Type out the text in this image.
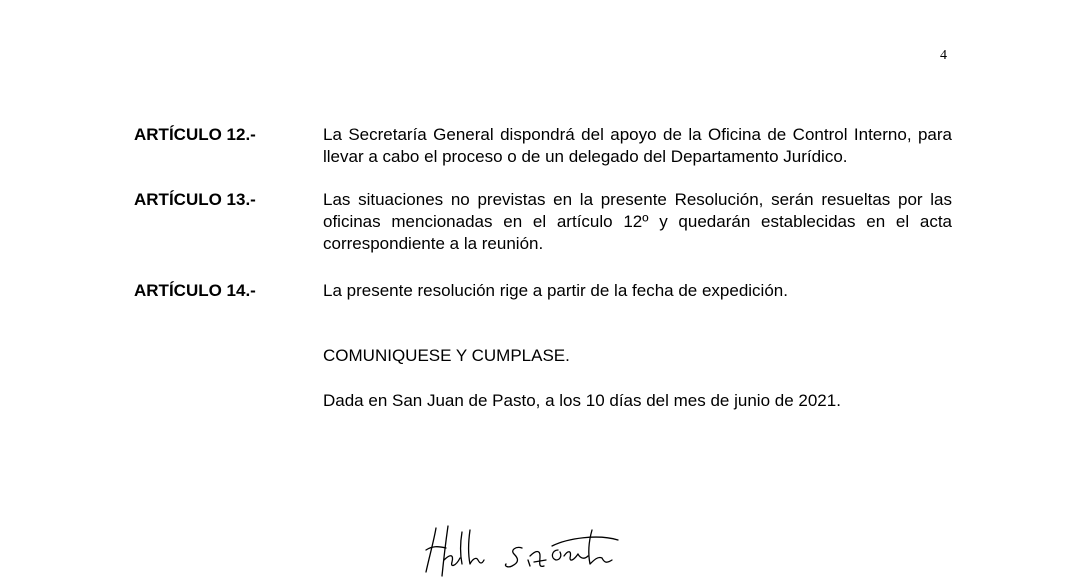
4
ARTÍCULO 12.-	La Secretaría General dispondrá del apoyo de la Oficina de Control Interno, para llevar a cabo el proceso o de un delegado del Departamento Jurídico.
ARTÍCULO 13.-	Las situaciones no previstas en la presente Resolución, serán resueltas por las oficinas mencionadas en el artículo 12º y quedarán establecidas en el acta correspondiente a la reunión.
ARTÍCULO 14.-	La presente resolución rige a partir de la fecha de expedición.
COMUNIQUESE Y CUMPLASE.
Dada en San Juan de Pasto, a los 10 días del mes de junio de 2021.
